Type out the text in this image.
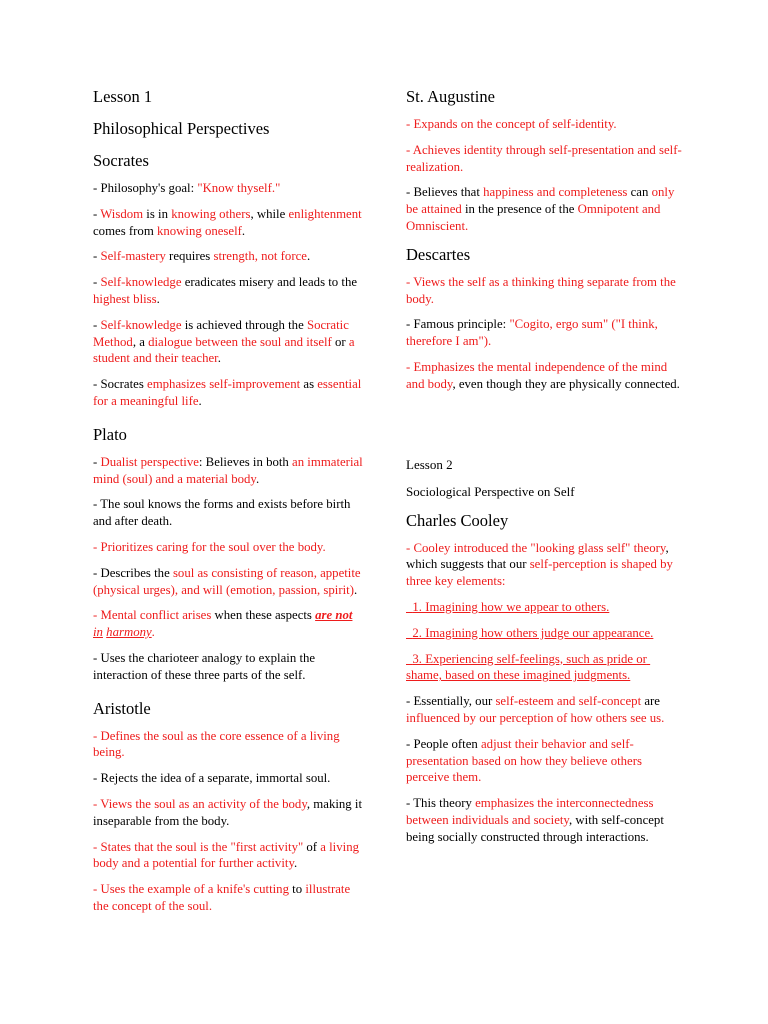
Lesson 1
Philosophical Perspectives
Socrates

- Philosophy's goal: "Know thyself."

- Wisdom is in knowing others, while enlightenment comes from knowing oneself.

- Self-mastery requires strength, not force.

- Self-knowledge eradicates misery and leads to the highest bliss.

- Self-knowledge is achieved through the Socratic Method, a dialogue between the soul and itself or a student and their teacher.

- Socrates emphasizes self-improvement as essential for a meaningful life.

Plato

- Dualist perspective: Believes in both an immaterial mind (soul) and a material body.

- The soul knows the forms and exists before birth and after death.

- Prioritizes caring for the soul over the body.

- Describes the soul as consisting of reason, appetite (physical urges), and will (emotion, passion, spirit).

- Mental conflict arises when these aspects are not in harmony.

- Uses the charioteer analogy to explain the interaction of these three parts of the self.

Aristotle

- Defines the soul as the core essence of a living being.

- Rejects the idea of a separate, immortal soul.

- Views the soul as an activity of the body, making it inseparable from the body.

- States that the soul is the "first activity" of a living body and a potential for further activity.

- Uses the example of a knife's cutting to illustrate the concept of the soul.

St. Augustine

- Expands on the concept of self-identity.

- Achieves identity through self-presentation and self-realization.

- Believes that happiness and completeness can only be attained in the presence of the Omnipotent and Omniscient.

Descartes

- Views the self as a thinking thing separate from the body.

- Famous principle: "Cogito, ergo sum" ("I think, therefore I am").

- Emphasizes the mental independence of the mind and body, even though they are physically connected.

Lesson 2
Sociological Perspective on Self
Charles Cooley

- Cooley introduced the "looking glass self" theory, which suggests that our self-perception is shaped by three key elements:

1. Imagining how we appear to others.

2. Imagining how others judge our appearance.

3. Experiencing self-feelings, such as pride or shame, based on these imagined judgments.

- Essentially, our self-esteem and self-concept are influenced by our perception of how others see us.

- People often adjust their behavior and self-presentation based on how they believe others perceive them.

- This theory emphasizes the interconnectedness between individuals and society, with self-concept being socially constructed through interactions.
